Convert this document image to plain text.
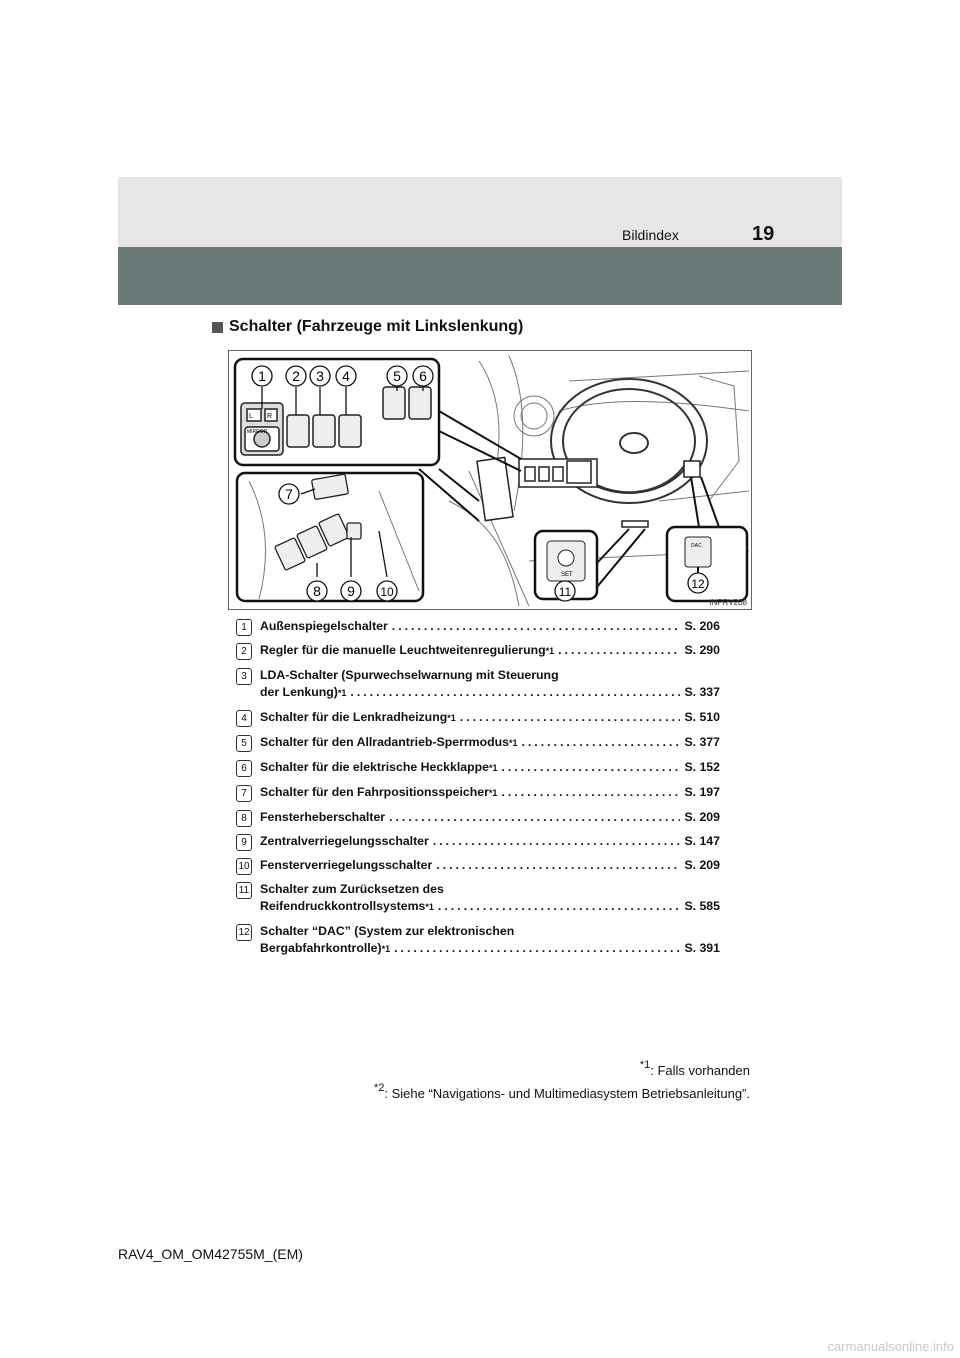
Bildindex	19
Schalter (Fahrzeuge mit Linkslenkung)
L R
MIRROR
SET
DAC
1 2 3 4	5 6
7
8 9 10	11
12
INPRV208
1	Außenspiegelschalter .....	S. 206
2	Regler für die manuelle Leuchtweitenregulierung *1 .....	S. 290
3	LDA-Schalter (Spurwechselwarnung mit Steuerung
der Lenkung) *1 .....	S. 337
4	Schalter für die Lenkradheizung *1 .....	S. 510
5	Schalter für den Allradantrieb-Sperrmodus *1 .....	S. 377
6	Schalter für die elektrische Heckklappe *1 .....	S. 152
7	Schalter für den Fahrpositionsspeicher *1 .....	S. 197
8	Fensterheberschalter .....	S. 209
9	Zentralverriegelungsschalter .....	S. 147
10 Fensterverriegelungsschalter .....	S. 209
11 Schalter zum Zurücksetzen des
Reifendruckkontrollsystems *1 .....	S. 585
12 Schalter “DAC” (System zur elektronischen
Bergabfahrkontrolle) *1 .....	S. 391
$^{*1}$: Falls vorhanden
$^{*2}$: Siehe “Navigations- und Multimediasystem Betriebsanleitung”.
RAV4_OM_OM42755M_(EM)
carmanualsonline.info
